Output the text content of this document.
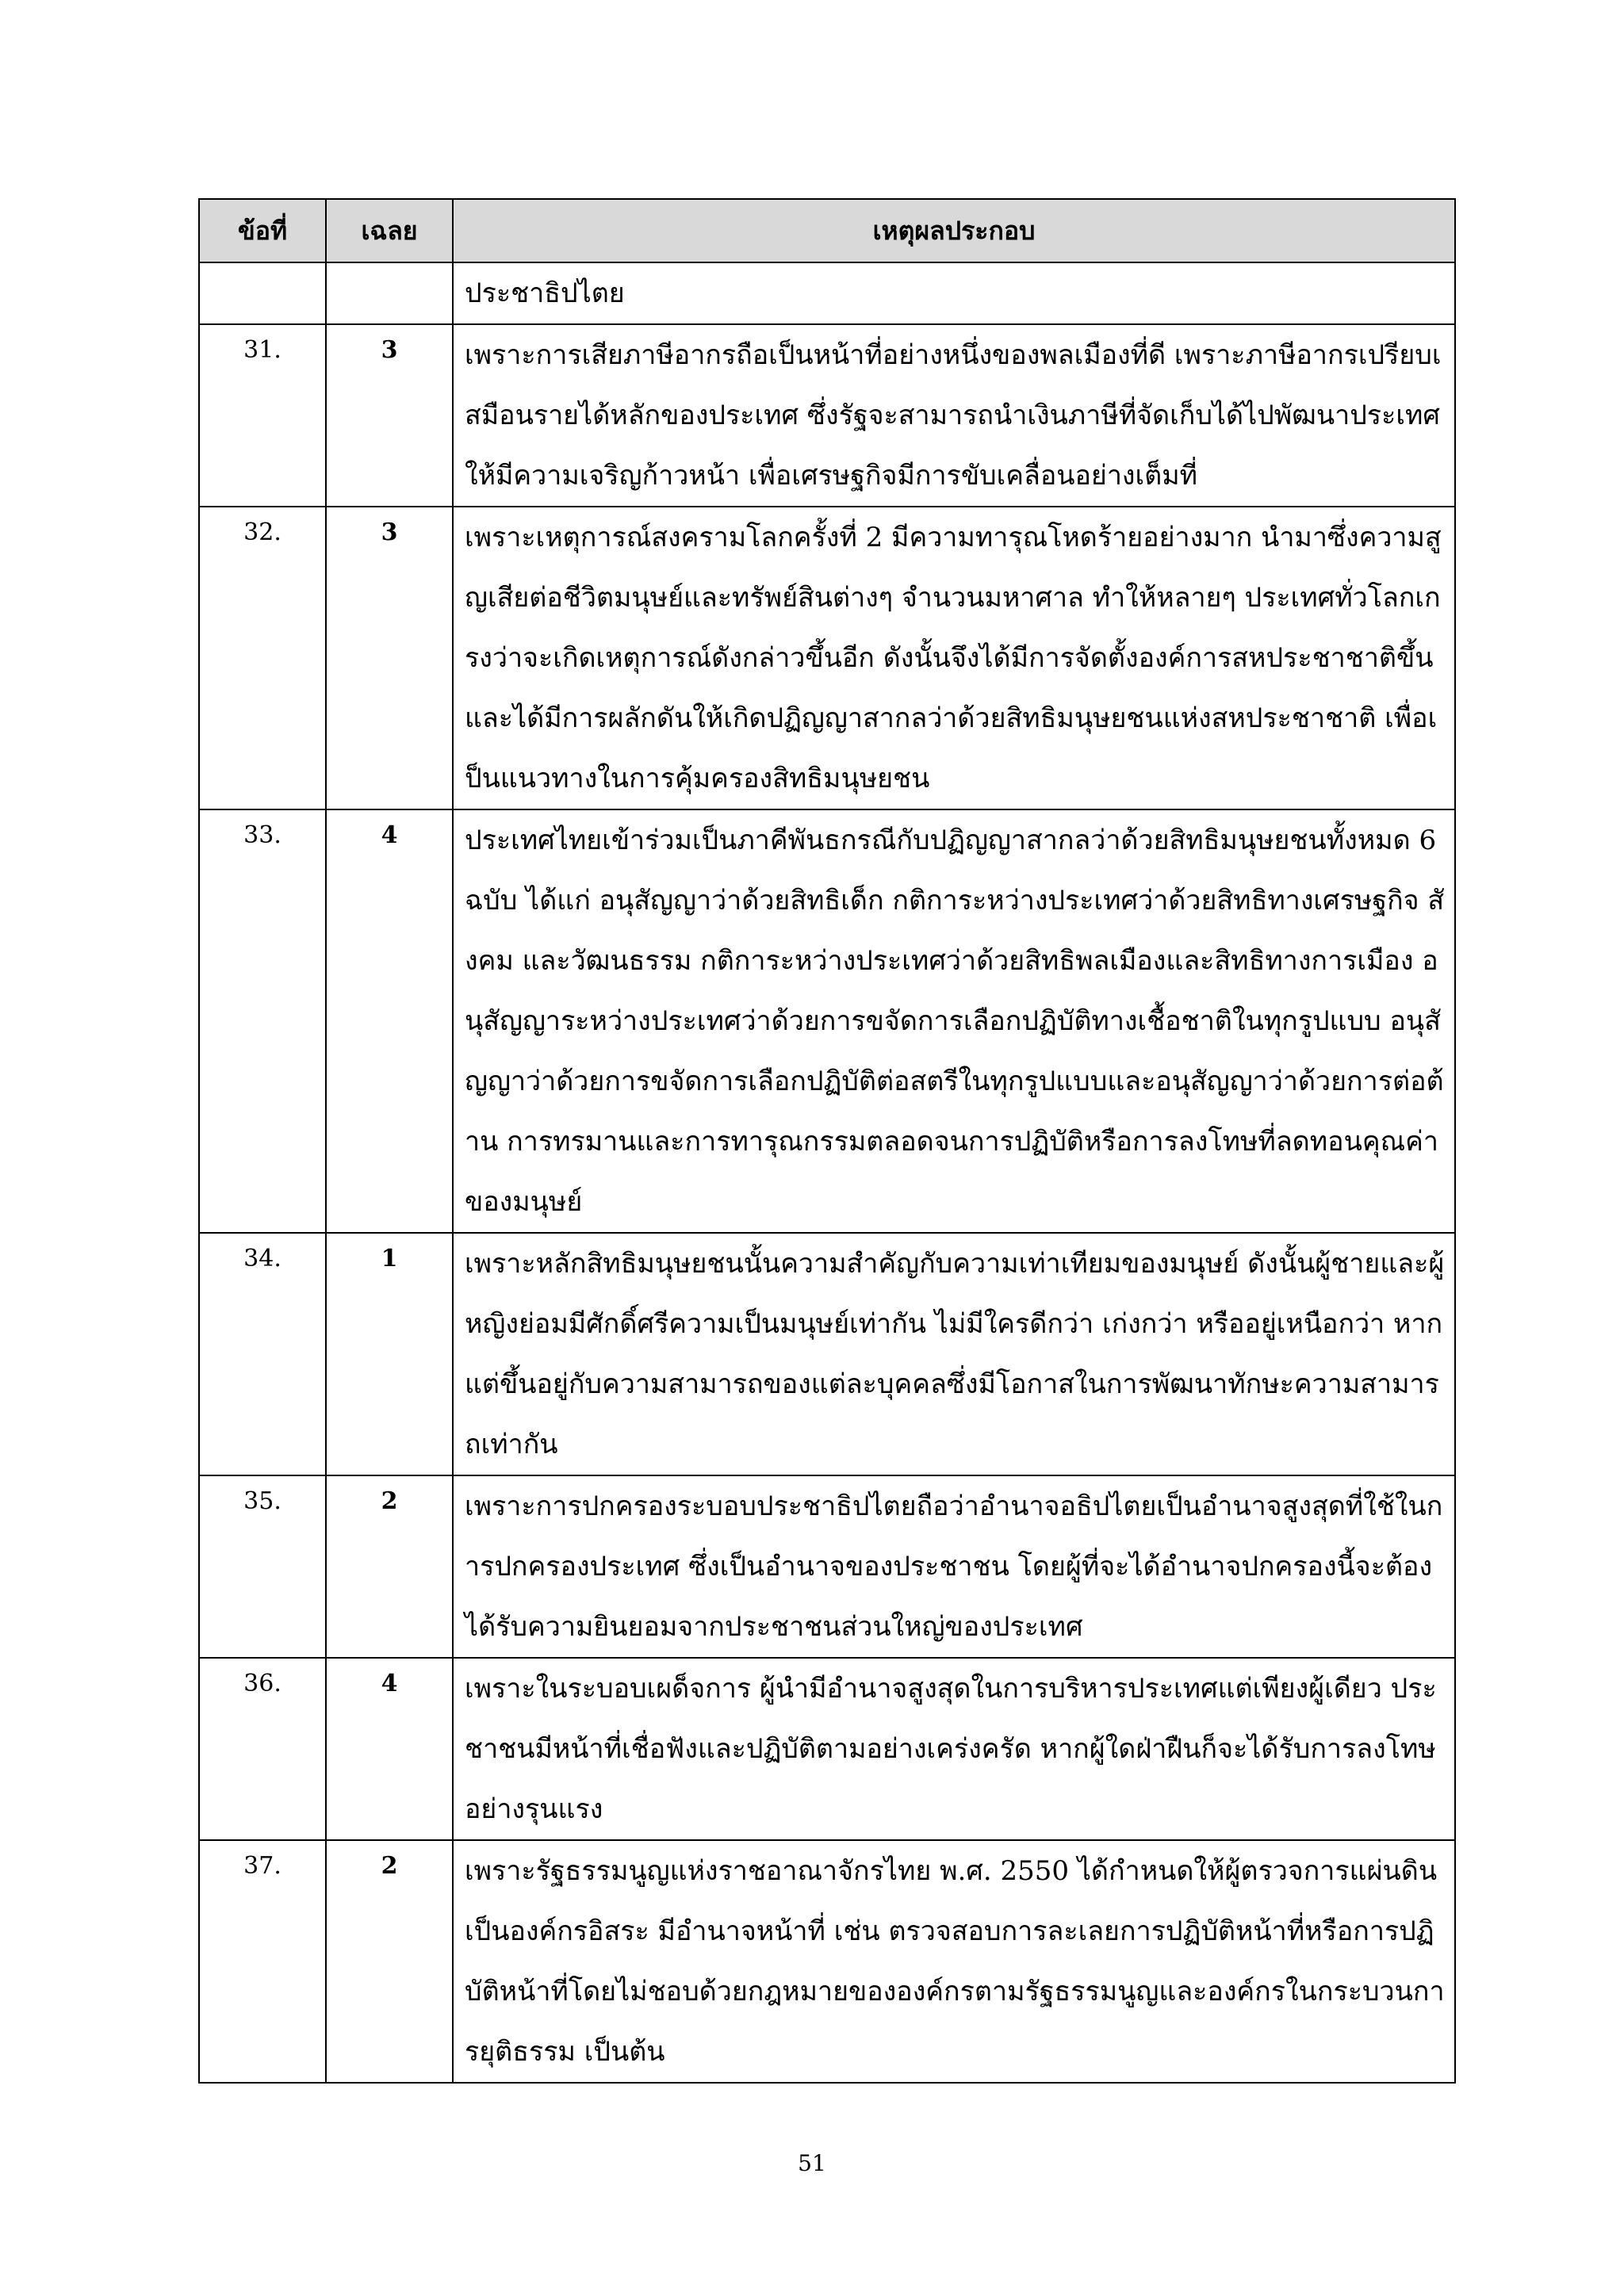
ข้อที่	เฉลย	เหตุผลประกอบ
		ประชาธิปไตย
31.	3	เพราะการเสียภาษีอากรถือเป็นหน้าที่อย่างหนึ่งของพลเมืองที่ดี เพราะภาษีอากรเปรียบเสมือนรายได้หลักของประเทศ ซึ่งรัฐจะสามารถนำเงินภาษีที่จัดเก็บได้ไปพัฒนาประเทศให้มีความเจริญก้าวหน้า เพื่อเศรษฐกิจมีการขับเคลื่อนอย่างเต็มที่
32.	3	เพราะเหตุการณ์สงครามโลกครั้งที่ 2 มีความทารุณโหดร้ายอย่างมาก นำมาซึ่งความสูญเสียต่อชีวิตมนุษย์และทรัพย์สินต่างๆ จำนวนมหาศาล ทำให้หลายๆ ประเทศทั่วโลกเกรงว่าจะเกิดเหตุการณ์ดังกล่าวขึ้นอีก ดังนั้นจึงได้มีการจัดตั้งองค์การสหประชาชาติขึ้นและได้มีการผลักดันให้เกิดปฏิญญาสากลว่าด้วยสิทธิมนุษยชนแห่งสหประชาชาติ เพื่อเป็นแนวทางในการคุ้มครองสิทธิมนุษยชน
33.	4	ประเทศไทยเข้าร่วมเป็นภาคีพันธกรณีกับปฏิญญาสากลว่าด้วยสิทธิมนุษยชนทั้งหมด 6 ฉบับ ได้แก่ อนุสัญญาว่าด้วยสิทธิเด็ก กติการะหว่างประเทศว่าด้วยสิทธิทางเศรษฐกิจ สังคม และวัฒนธรรม กติการะหว่างประเทศว่าด้วยสิทธิพลเมืองและสิทธิทางการเมือง อนุสัญญาระหว่างประเทศว่าด้วยการขจัดการเลือกปฏิบัติทางเชื้อชาติในทุกรูปแบบ อนุสัญญาว่าด้วยการขจัดการเลือกปฏิบัติต่อสตรีในทุกรูปแบบและอนุสัญญาว่าด้วยการต่อต้าน การทรมานและการทารุณกรรมตลอดจนการปฏิบัติหรือการลงโทษที่ลดทอนคุณค่าของมนุษย์
34.	1	เพราะหลักสิทธิมนุษยชนนั้นความสำคัญกับความเท่าเทียมของมนุษย์ ดังนั้นผู้ชายและผู้หญิงย่อมมีศักดิ์ศรีความเป็นมนุษย์เท่ากัน ไม่มีใครดีกว่า เก่งกว่า หรืออยู่เหนือกว่า หากแต่ขึ้นอยู่กับความสามารถของแต่ละบุคคลซึ่งมีโอกาสในการพัฒนาทักษะความสามารถเท่ากัน
35.	2	เพราะการปกครองระบอบประชาธิปไตยถือว่าอำนาจอธิปไตยเป็นอำนาจสูงสุดที่ใช้ในการปกครองประเทศ ซึ่งเป็นอำนาจของประชาชน โดยผู้ที่จะได้อำนาจปกครองนี้จะต้องได้รับความยินยอมจากประชาชนส่วนใหญ่ของประเทศ
36.	4	เพราะในระบอบเผด็จการ ผู้นำมีอำนาจสูงสุดในการบริหารประเทศแต่เพียงผู้เดียว ประชาชนมีหน้าที่เชื่อฟังและปฏิบัติตามอย่างเคร่งครัด หากผู้ใดฝ่าฝืนก็จะได้รับการลงโทษอย่างรุนแรง
37.	2	เพราะรัฐธรรมนูญแห่งราชอาณาจักรไทย พ.ศ. 2550 ได้กำหนดให้ผู้ตรวจการแผ่นดิน เป็นองค์กรอิสระ มีอำนาจหน้าที่ เช่น ตรวจสอบการละเลยการปฏิบัติหน้าที่หรือการปฏิบัติหน้าที่โดยไม่ชอบด้วยกฎหมายขององค์กรตามรัฐธรรมนูญและองค์กรในกระบวนการยุติธรรม เป็นต้น
51
